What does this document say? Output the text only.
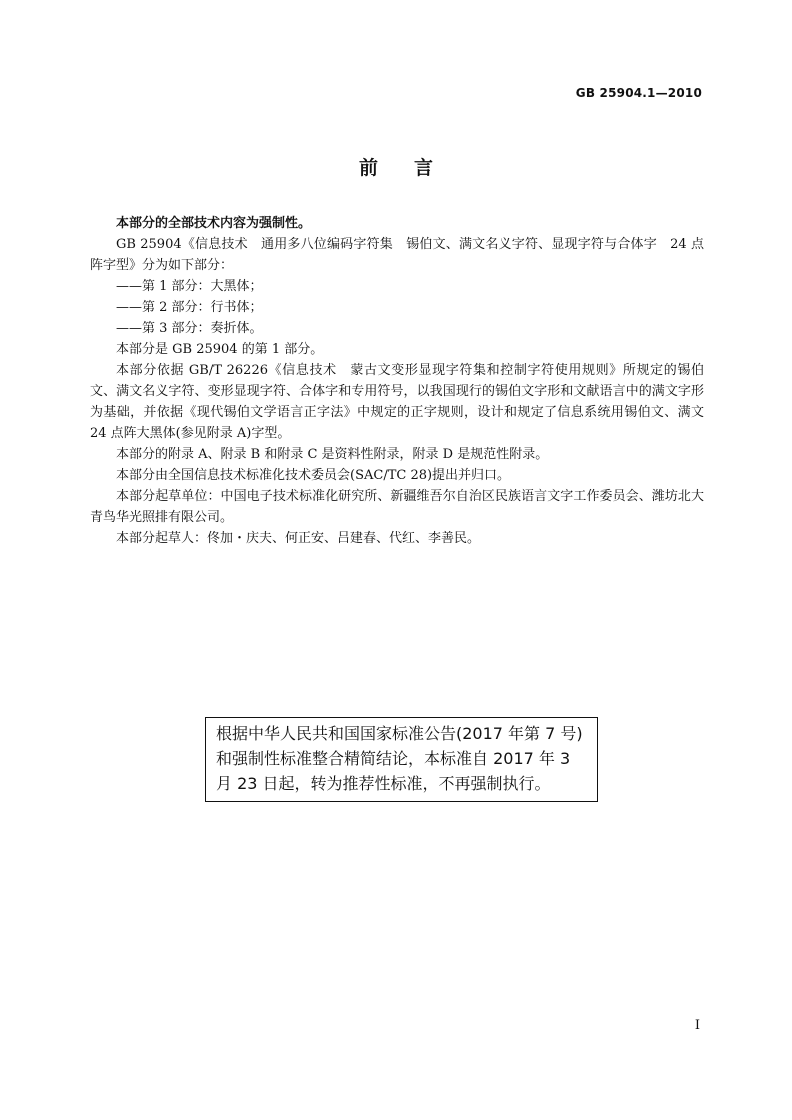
GB 25904.1—2010
前言

本部分的全部技术内容为强制性。

GB 25904《信息技术　通用多八位编码字符集　锡伯文、满文名义字符、显现字符与合体字　24 点阵字型》分为如下部分：

——第 1 部分：大黑体；

——第 2 部分：行书体；

——第 3 部分：奏折体。

本部分是 GB 25904 的第 1 部分。

本部分依据 GB/T 26226《信息技术　蒙古文变形显现字符集和控制字符使用规则》所规定的锡伯文、满文名义字符、变形显现字符、合体字和专用符号，以我国现行的锡伯文字形和文献语言中的满文字形为基础，并依据《现代锡伯文学语言正字法》中规定的正字规则，设计和规定了信息系统用锡伯文、满文 24 点阵大黑体(参见附录 A)字型。

本部分的附录 A、附录 B 和附录 C 是资料性附录，附录 D 是规范性附录。

本部分由全国信息技术标准化技术委员会(SAC/TC 28)提出并归口。

本部分起草单位：中国电子技术标准化研究所、新疆维吾尔自治区民族语言文字工作委员会、潍坊北大青鸟华光照排有限公司。

本部分起草人：佟加・庆夫、何正安、吕建春、代红、李善民。

根据中华人民共和国国家标准公告(2017 年第 7 号)和强制性标准整合精简结论，本标准自 2017 年 3 月 23 日起，转为推荐性标准，不再强制执行。
I
